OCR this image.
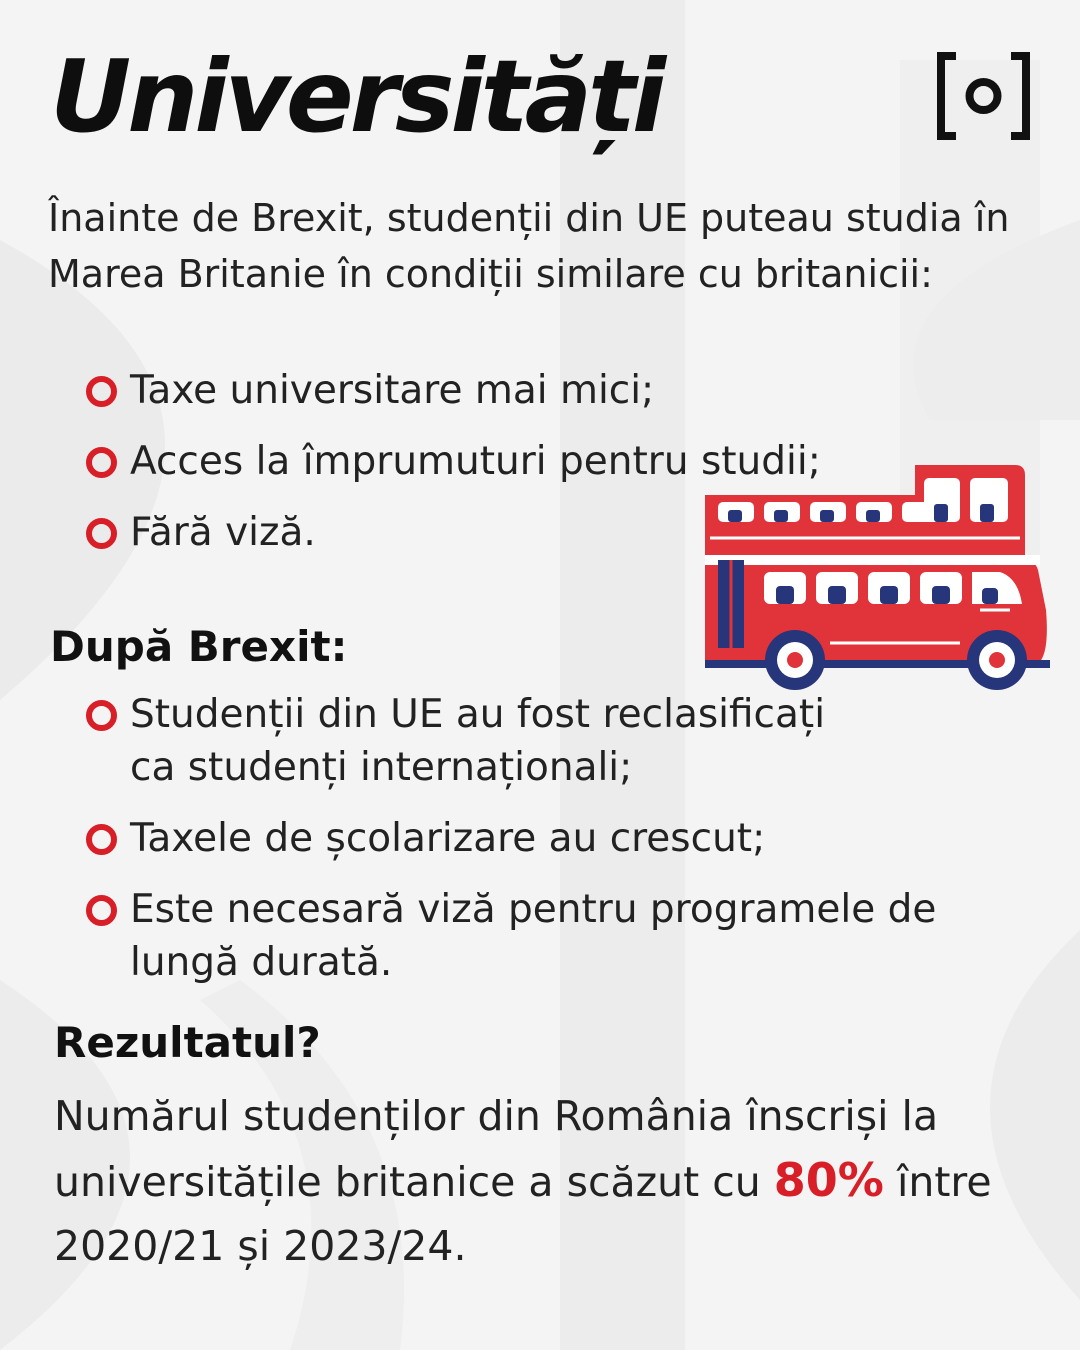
Universități

Înainte de Brexit, studenții din UE puteau studia în Marea Britanie în condiții similare cu britanicii:

Taxe universitare mai mici;
Acces la împrumuturi pentru studii;
Fără viză.
După Brexit:
Studenții din UE au fost reclasificați
ca studenți internaționali;
Taxele de școlarizare au crescut;
Este necesară viză pentru programele de
lungă durată.
Rezultatul?

Numărul studenților din România înscriși la universitățile britanice a scăzut cu 80% între 2020/21 și 2023/24.
